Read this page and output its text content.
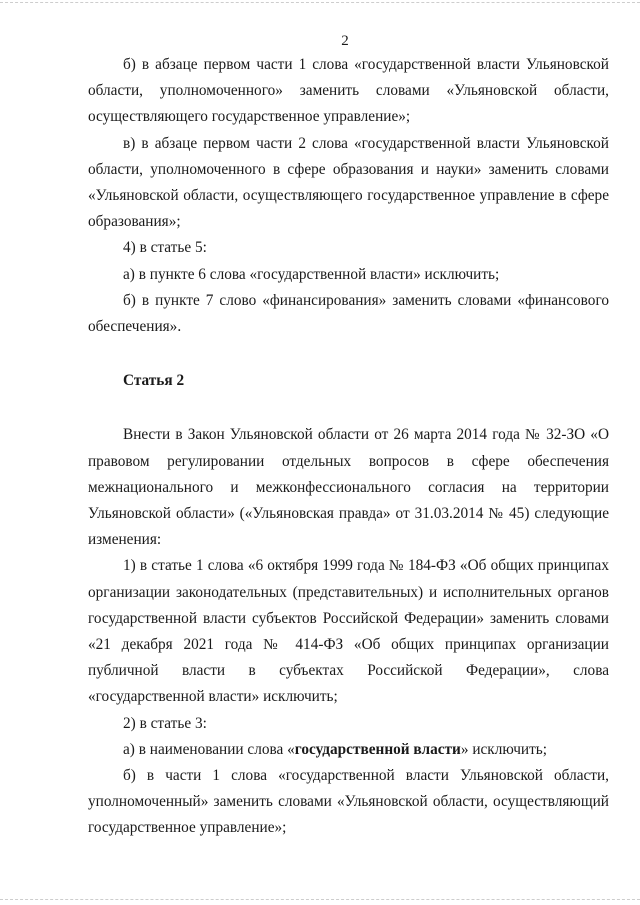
2

б) в абзаце первом части 1 слова «государственной власти Ульяновской области, уполномоченного» заменить словами «Ульяновской области, осуществляющего государственное управление»;

в) в абзаце первом части 2 слова «государственной власти Ульяновской области, уполномоченного в сфере образования и науки» заменить словами «Ульяновской области, осуществляющего государственное управление в сфере образования»;

4) в статье 5:

а) в пункте 6 слова «государственной власти» исключить;

б) в пункте 7 слово «финансирования» заменить словами «финансового обеспечения».

Статья 2

Внести в Закон Ульяновской области от 26 марта 2014 года № 32-ЗО «О правовом регулировании отдельных вопросов в сфере обеспечения межнационального и межконфессионального согласия на территории Ульяновской области» («Ульяновская правда» от 31.03.2014 № 45) следующие изменения:

1) в статье 1 слова «6 октября 1999 года № 184-ФЗ «Об общих принципах организации законодательных (представительных) и исполнительных органов государственной власти субъектов Российской Федерации» заменить словами «21 декабря 2021 года № 414-ФЗ «Об общих принципах организации публичной власти в субъектах Российской Федерации», слова «государственной власти» исключить;

2) в статье 3:

а) в наименовании слова «государственной власти» исключить;

б) в части 1 слова «государственной власти Ульяновской области, уполномоченный» заменить словами «Ульяновской области, осуществляющий государственное управление»;
